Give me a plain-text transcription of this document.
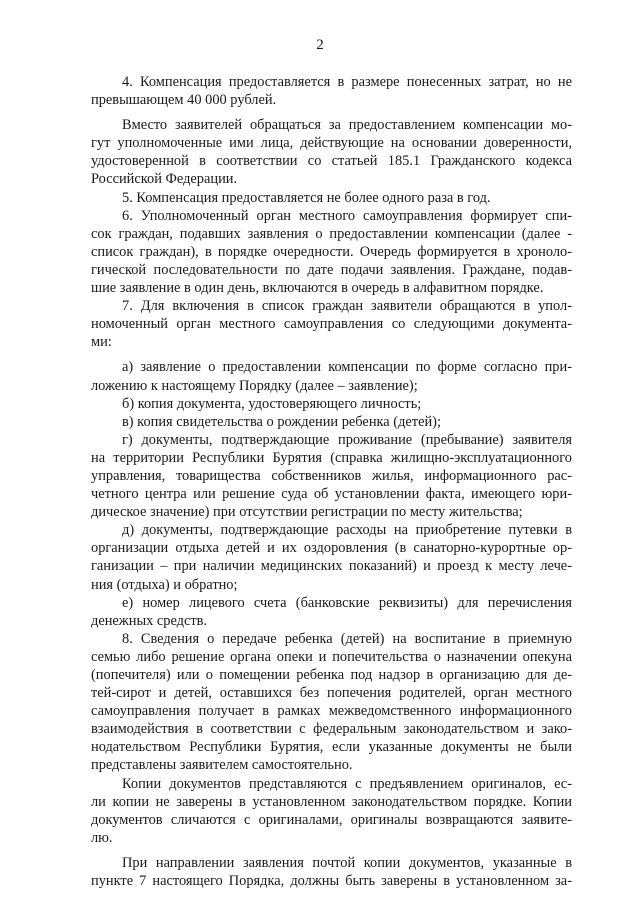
2
4. Компенсация предоставляется в размере понесенных затрат, но не
превышающем 40 000 рублей.
Вместо заявителей обращаться за предоставлением компенсации мо-
гут уполномоченные ими лица, действующие на основании доверенности,
удостоверенной в соответствии со статьей 185.1 Гражданского кодекса
Российской Федерации.
5. Компенсация предоставляется не более одного раза в год.
6. Уполномоченный орган местного самоуправления формирует спи-
сок граждан, подавших заявления о предоставлении компенсации (далее -
список граждан), в порядке очередности. Очередь формируется в хроноло-
гической последовательности по дате подачи заявления. Граждане, подав-
шие заявление в один день, включаются в очередь в алфавитном порядке.
7. Для включения в список граждан заявители обращаются в упол-
номоченный орган местного самоуправления со следующими документа-
ми:
а) заявление о предоставлении компенсации по форме согласно при-
ложению к настоящему Порядку (далее – заявление);
б) копия документа, удостоверяющего личность;
в) копия свидетельства о рождении ребенка (детей);
г) документы, подтверждающие проживание (пребывание) заявителя
на территории Республики Бурятия (справка жилищно-эксплуатационного
управления, товарищества собственников жилья, информационного рас-
четного центра или решение суда об установлении факта, имеющего юри-
дическое значение) при отсутствии регистрации по месту жительства;
д) документы, подтверждающие расходы на приобретение путевки в
организации отдыха детей и их оздоровления (в санаторно-курортные ор-
ганизации – при наличии медицинских показаний) и проезд к месту лече-
ния (отдыха) и обратно;
е) номер лицевого счета (банковские реквизиты) для перечисления
денежных средств.
8. Сведения о передаче ребенка (детей) на воспитание в приемную
семью либо решение органа опеки и попечительства о назначении опекуна
(попечителя) или о помещении ребенка под надзор в организацию для де-
тей-сирот и детей, оставшихся без попечения родителей, орган местного
самоуправления получает в рамках межведомственного информационного
взаимодействия в соответствии с федеральным законодательством и зако-
нодательством Республики Бурятия, если указанные документы не были
представлены заявителем самостоятельно.
Копии документов представляются с предъявлением оригиналов, ес-
ли копии не заверены в установленном законодательством порядке. Копии
документов сличаются с оригиналами, оригиналы возвращаются заявите-
лю.
При направлении заявления почтой копии документов, указанные в
пункте 7 настоящего Порядка, должны быть заверены в установленном за-
